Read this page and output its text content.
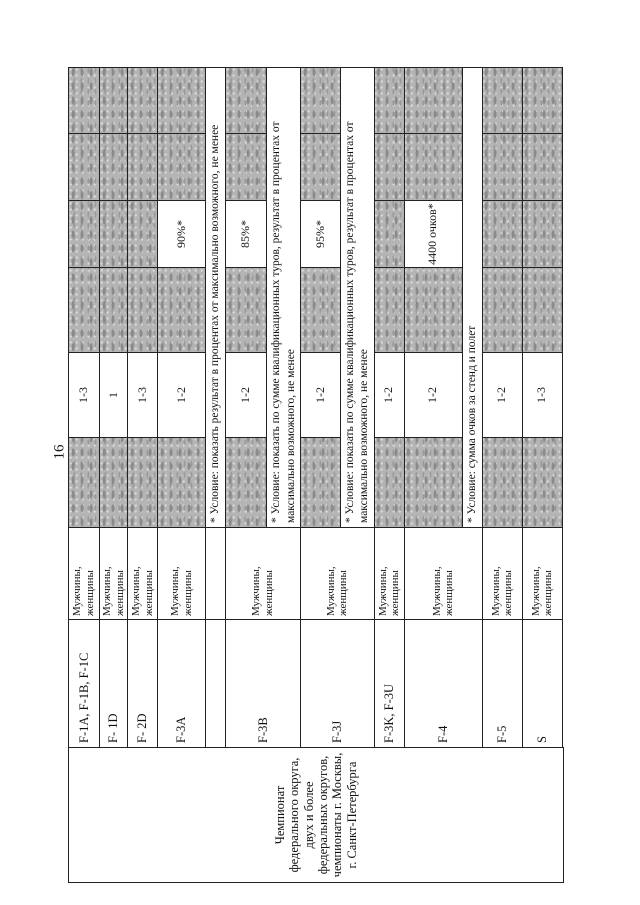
16
Чемпионат федерального округа, двух и более федеральных округов, чемпионаты г. Москвы, г. Санкт-Петербурга	F-1A, F-1B, F-1C	Мужчины, женщины		1-3					
	F- 1D	Мужчины, женщины		1					
	F- 2D	Мужчины, женщины		1-3					
	F-3A	Мужчины, женщины		1-2		90%*			
			* Условие: показать результат в процентах от максимально возможного, не менее						
	F-3B	Мужчины, женщины		1-2		85%*			
			* Условие: показать по сумме квалификационных туров, результат в процентах от максимально возможного, не менее						
	F-3J	Мужчины, женщины		1-2		95%*			
			* Условие: показать по сумме квалификационных туров, результат в процентах от максимально возможного, не менее						
	F-3K, F-3U	Мужчины, женщины		1-2					
	F-4	Мужчины, женщины		1-2		4400 очков*			
			* Условие: сумма очков за стенд и полет						
	F-5	Мужчины, женщины		1-2					
	S	Мужчины, женщины		1-3					
